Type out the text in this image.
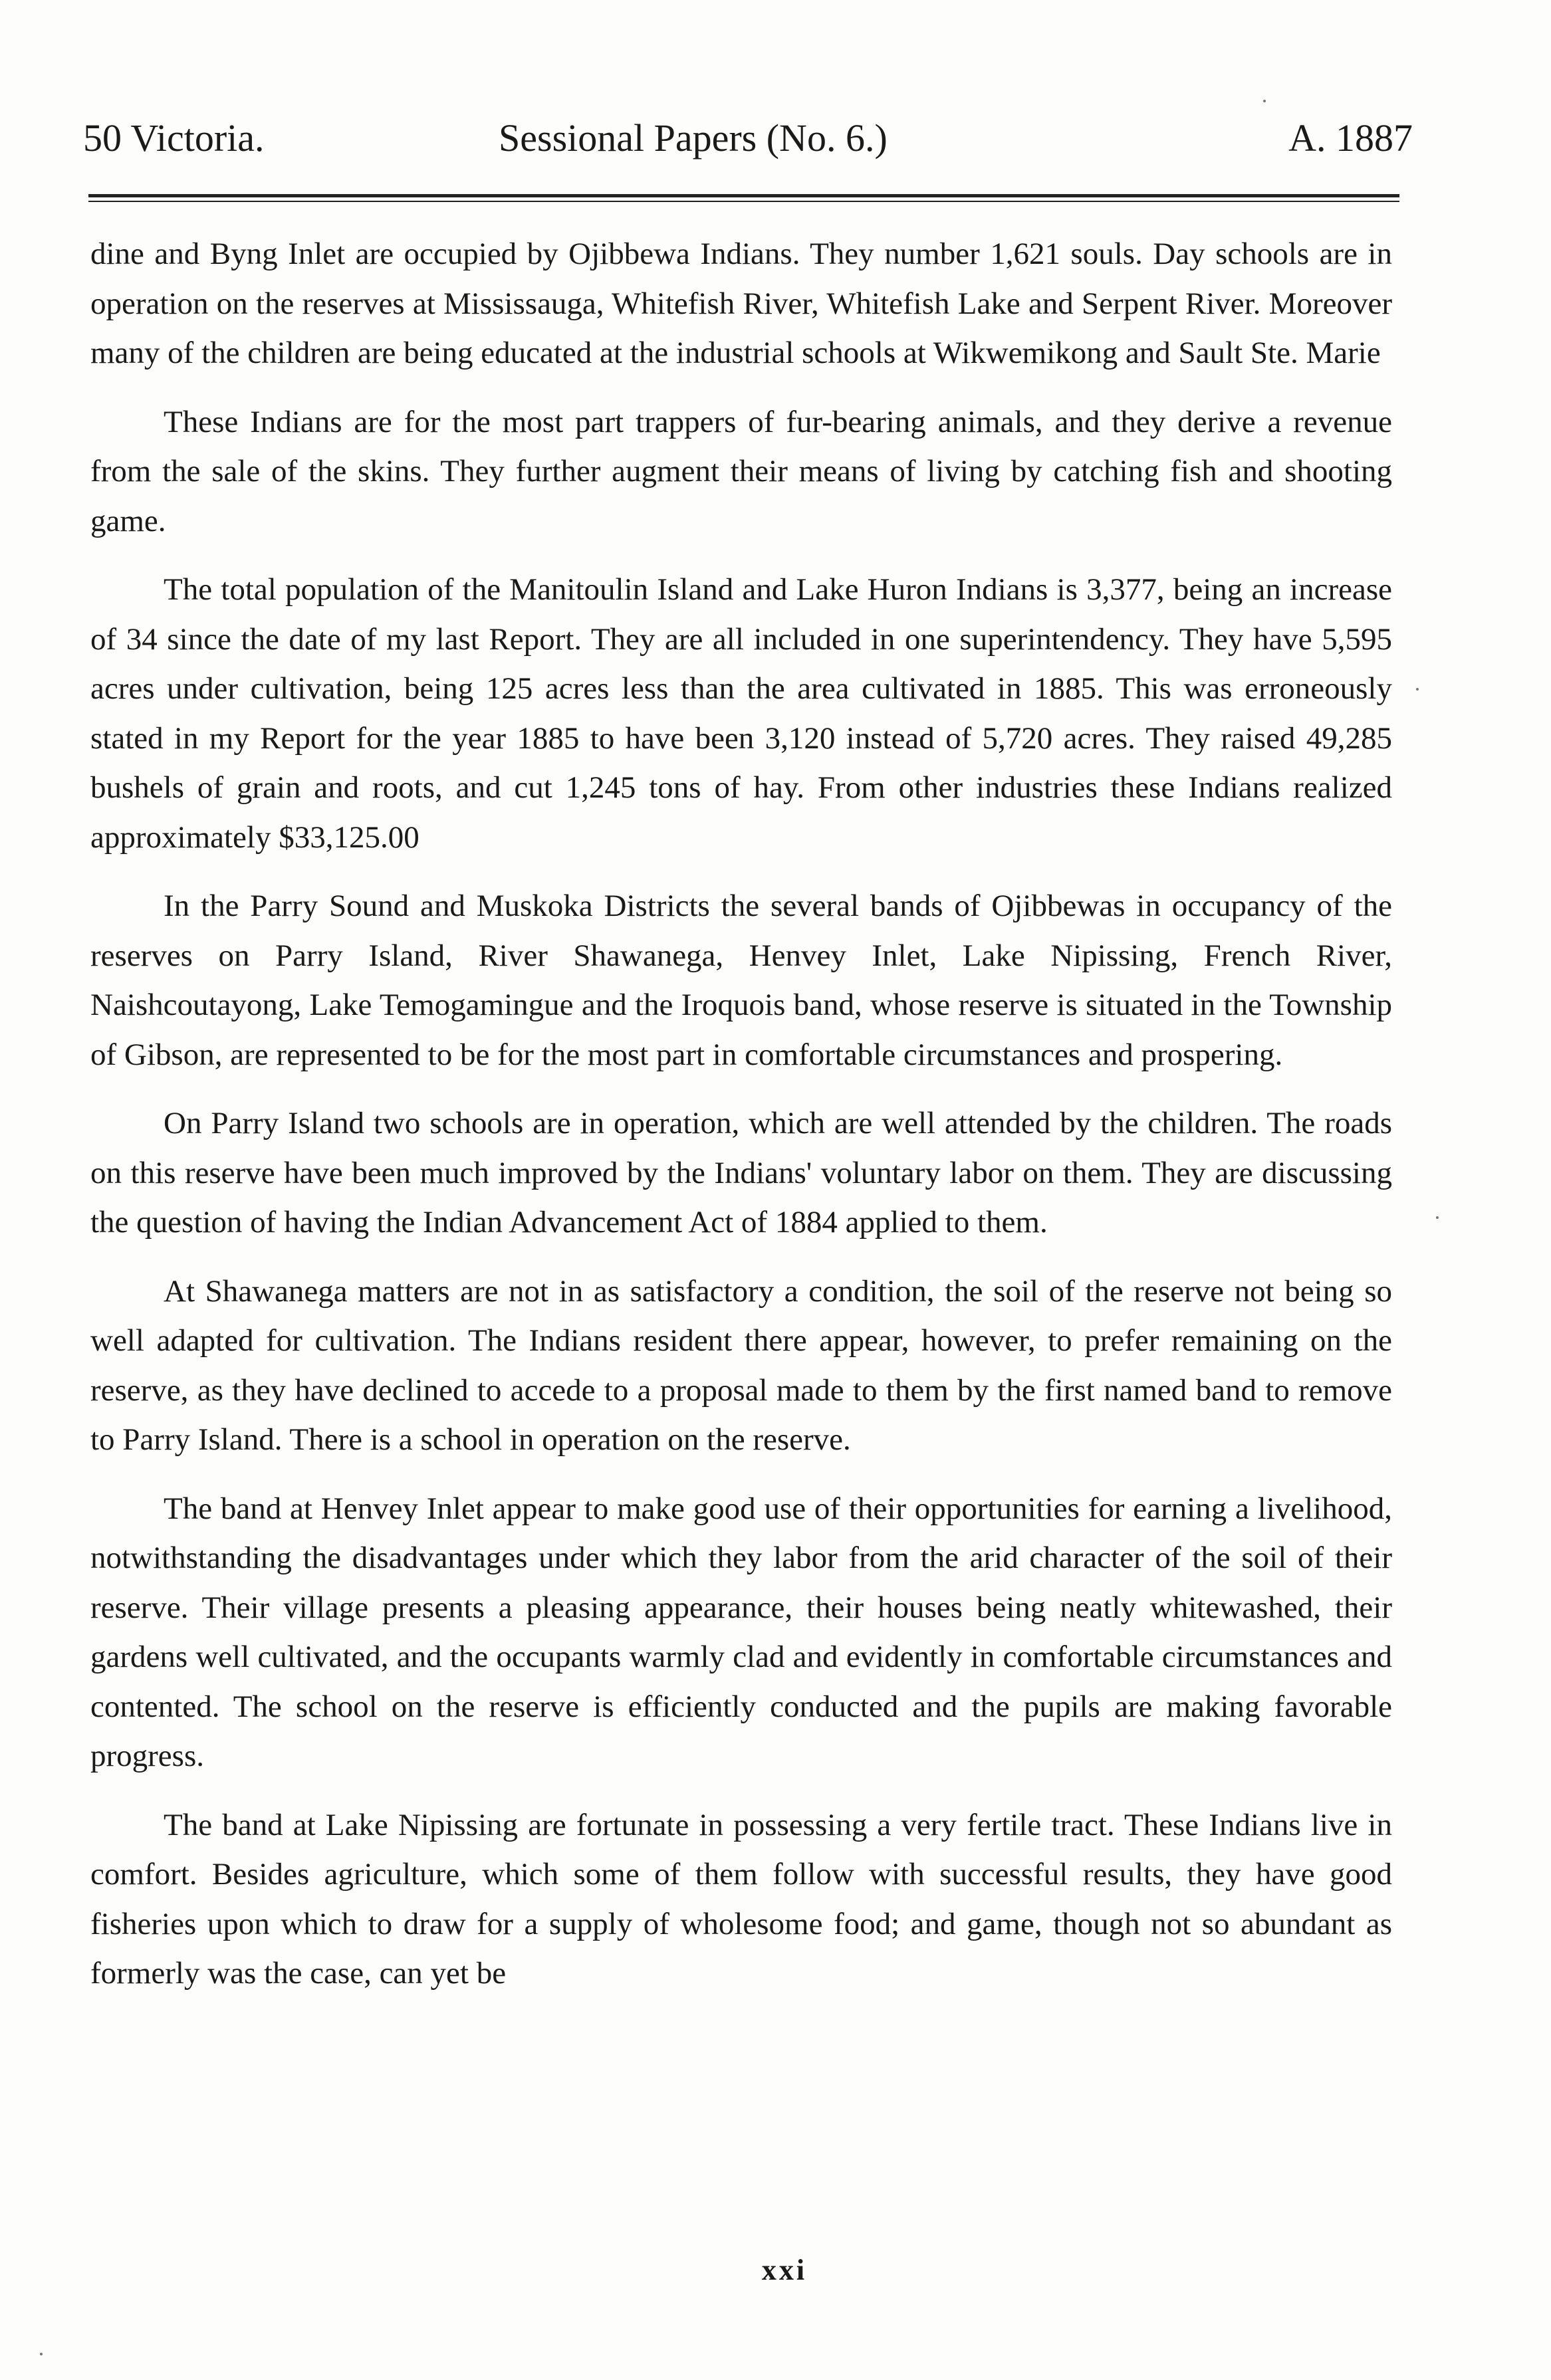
50 Victoria.	Sessional Papers (No. 6.)	A. 1887

dine and Byng Inlet are occupied by Ojibbewa Indians. They number 1,621 souls. Day schools are in operation on the reserves at Mississauga, Whitefish River, Whitefish Lake and Serpent River. Moreover many of the children are being educated at the industrial schools at Wikwemikong and Sault Ste. Marie

These Indians are for the most part trappers of fur-bearing animals, and they derive a revenue from the sale of the skins. They further augment their means of living by catching fish and shooting game.

The total population of the Manitoulin Island and Lake Huron Indians is 3,377, being an increase of 34 since the date of my last Report. They are all included in one superintendency. They have 5,595 acres under cultivation, being 125 acres less than the area cultivated in 1885. This was erroneously stated in my Report for the year 1885 to have been 3,120 instead of 5,720 acres. They raised 49,285 bushels of grain and roots, and cut 1,245 tons of hay. From other industries these Indians realized approximately $33,125.00

In the Parry Sound and Muskoka Districts the several bands of Ojibbewas in occupancy of the reserves on Parry Island, River Shawanega, Henvey Inlet, Lake Nipissing, French River, Naishcoutayong, Lake Temogamingue and the Iroquois band, whose reserve is situated in the Township of Gibson, are represented to be for the most part in comfortable circumstances and prospering.

On Parry Island two schools are in operation, which are well attended by the children. The roads on this reserve have been much improved by the Indians' voluntary labor on them. They are discussing the question of having the Indian Advancement Act of 1884 applied to them.

At Shawanega matters are not in as satisfactory a condition, the soil of the reserve not being so well adapted for cultivation. The Indians resident there appear, however, to prefer remaining on the reserve, as they have declined to accede to a proposal made to them by the first named band to remove to Parry Island. There is a school in operation on the reserve.

The band at Henvey Inlet appear to make good use of their opportunities for earning a livelihood, notwithstanding the disadvantages under which they labor from the arid character of the soil of their reserve. Their village presents a pleasing appearance, their houses being neatly whitewashed, their gardens well cultivated, and the occupants warmly clad and evidently in comfortable circumstances and contented. The school on the reserve is efficiently conducted and the pupils are making favorable progress.

The band at Lake Nipissing are fortunate in possessing a very fertile tract. These Indians live in comfort. Besides agriculture, which some of them follow with successful results, they have good fisheries upon which to draw for a supply of wholesome food; and game, though not so abundant as formerly was the case, can yet be

xxi
